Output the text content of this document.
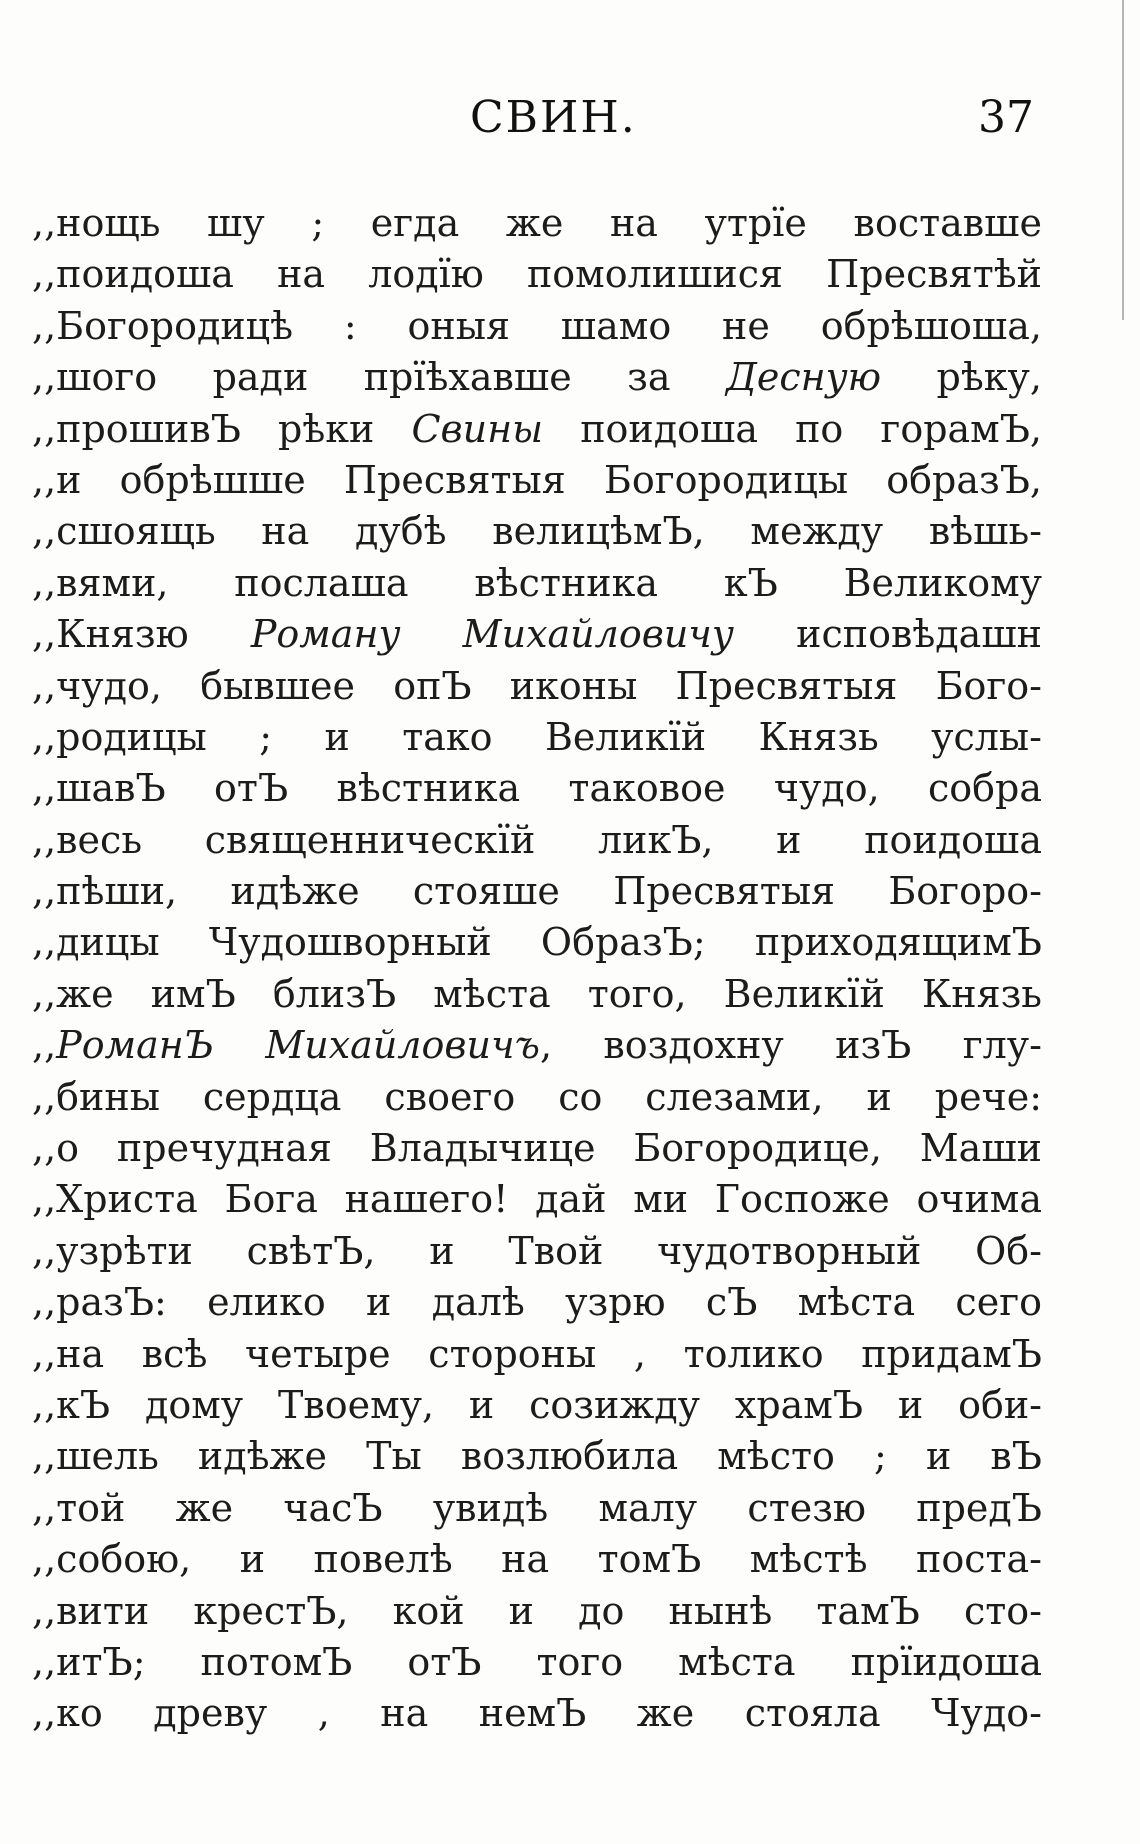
СВИН.	37
,,нощь шу ; егда же на утрїе воставше
,,поидоша на лодїю помолишися Пресвятѣй
,,Богородицѣ : оныя шамо не обрѣшоша,
,,шого ради прїѣхавше за Десную рѣку,
,,прошивЪ рѣки Свины поидоша по горамЪ,
,,и обрѣшше Пресвятыя Богородицы образЪ,
,,сшоящь на дубѣ велицѣмЪ, между вѣшь-
,,вями, послаша вѣстника кЪ Великому
,,Князю Роману Михайловичу исповѣдашн
,,чудо, бывшее опЪ иконы Пресвятыя Бого-
,,родицы ; и тако Великїй Князь услы-
,,шавЪ отЪ вѣстника таковое чудо, собра
,,весь священническїй ликЪ, и поидоша
,,пѣши, идѣже стояше Пресвятыя Богоро-
,,дицы Чудошворный ОбразЪ; приходящимЪ
,,же имЪ близЪ мѣста того, Великїй Князь
,,РоманЪ Михайловичъ, воздохну изЪ глу-
,,бины сердца своего со слезами, и рече:
,,о пречудная Владычице Богородице, Маши
,,Христа Бога нашего! дай ми Госпоже очима
,,узрѣти свѣтЪ, и Твой чудотворный Об-
,,разЪ: елико и далѣ узрю сЪ мѣста сего
,,на всѣ четыре стороны , толико придамЪ
,,кЪ дому Твоему, и созижду храмЪ и оби-
,,шель идѣже Ты возлюбила мѣсто ; и вЪ
,,той же часЪ увидѣ малу стезю предЪ
,,собою, и повелѣ на томЪ мѣстѣ поста-
,,вити крестЪ, кой и до нынѣ тамЪ сто-
,,итЪ; потомЪ отЪ того мѣста прїидоша
,,ко древу , на немЪ же стояла Чудо-
